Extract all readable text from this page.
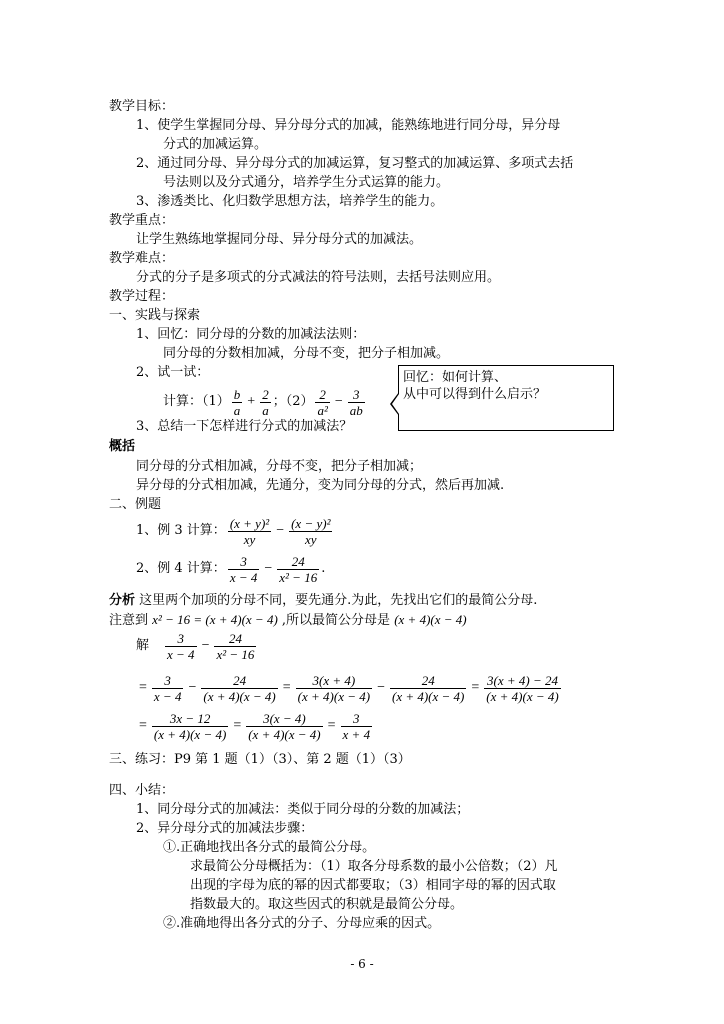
教学目标：
1、使学生掌握同分母、异分母分式的加减，能熟练地进行同分母，异分母
分式的加减运算。
2、通过同分母、异分母分式的加减运算，复习整式的加减运算、多项式去括
号法则以及分式通分，培养学生分式运算的能力。
3、渗透类比、化归数学思想方法，培养学生的能力。
教学重点：
让学生熟练地掌握同分母、异分母分式的加减法。
教学难点：
分式的分子是多项式的分式减法的符号法则，去括号法则应用。
教学过程：
一、实践与探索
1、回忆：同分母的分数的加减法法则：
同分母的分数相加减，分母不变，把分子相加减。
2、试一试：
计算：$(1) \frac{b}{a} + \frac{2}{a}$ ；$(2) \frac{2}{\text{a²}} - \frac{3}{ab}$
回忆：如何计算、
从中可以得到什么启示？
3、总结一下怎样进行分式的加减法？
概括
同分母的分式相加减，分母不变，把分子相加减；
异分母的分式相加减，先通分，变为同分母的分式，然后再加减.
二、例题
1、例 3 计算： $\frac{\text{(x + y)²}}{xy} - \frac{\text{(x − y)²}}{xy}$
2、例 4 计算： $\frac{3}{x - 4} - \frac{24}{\text{x² − 16}}$ .
分析 这里两个加项的分母不同，要先通分.为此，先找出它们的最简公分母.
注意到 x² − 16 = (x + 4)(x − 4) ,所以最简公分母是 (x + 4)(x − 4)
解 $\frac{3}{x - 4} - \frac{24}{\text{x² − 16}}$
= $\frac{3}{x - 4} - \frac{24}{(x + 4)(x - 4)} = \frac{3(x + 4)}{(x + 4)(x - 4)} - \frac{24}{(x + 4)(x - 4)} = \frac{3(x + 4) - 24}{(x + 4)(x - 4)}$
= $\frac{3x - 12}{(x + 4)(x - 4)} = \frac{3(x - 4)}{(x + 4)(x - 4)} = \frac{3}{x + 4}$
三、练习：P9 第 1 题（1）（3）、第 2 题（1）（3）
四、小结：
1、同分母分式的加减法：类似于同分母的分数的加减法；
2、异分母分式的加减法步骤：
①.正确地找出各分式的最简公分母。
求最简公分母概括为：（1）取各分母系数的最小公倍数；（2）凡
出现的字母为底的幂的因式都要取；（3）相同字母的幂的因式取
指数最大的。取这些因式的积就是最简公分母。
②.准确地得出各分式的分子、分母应乘的因式。
- 6 -
